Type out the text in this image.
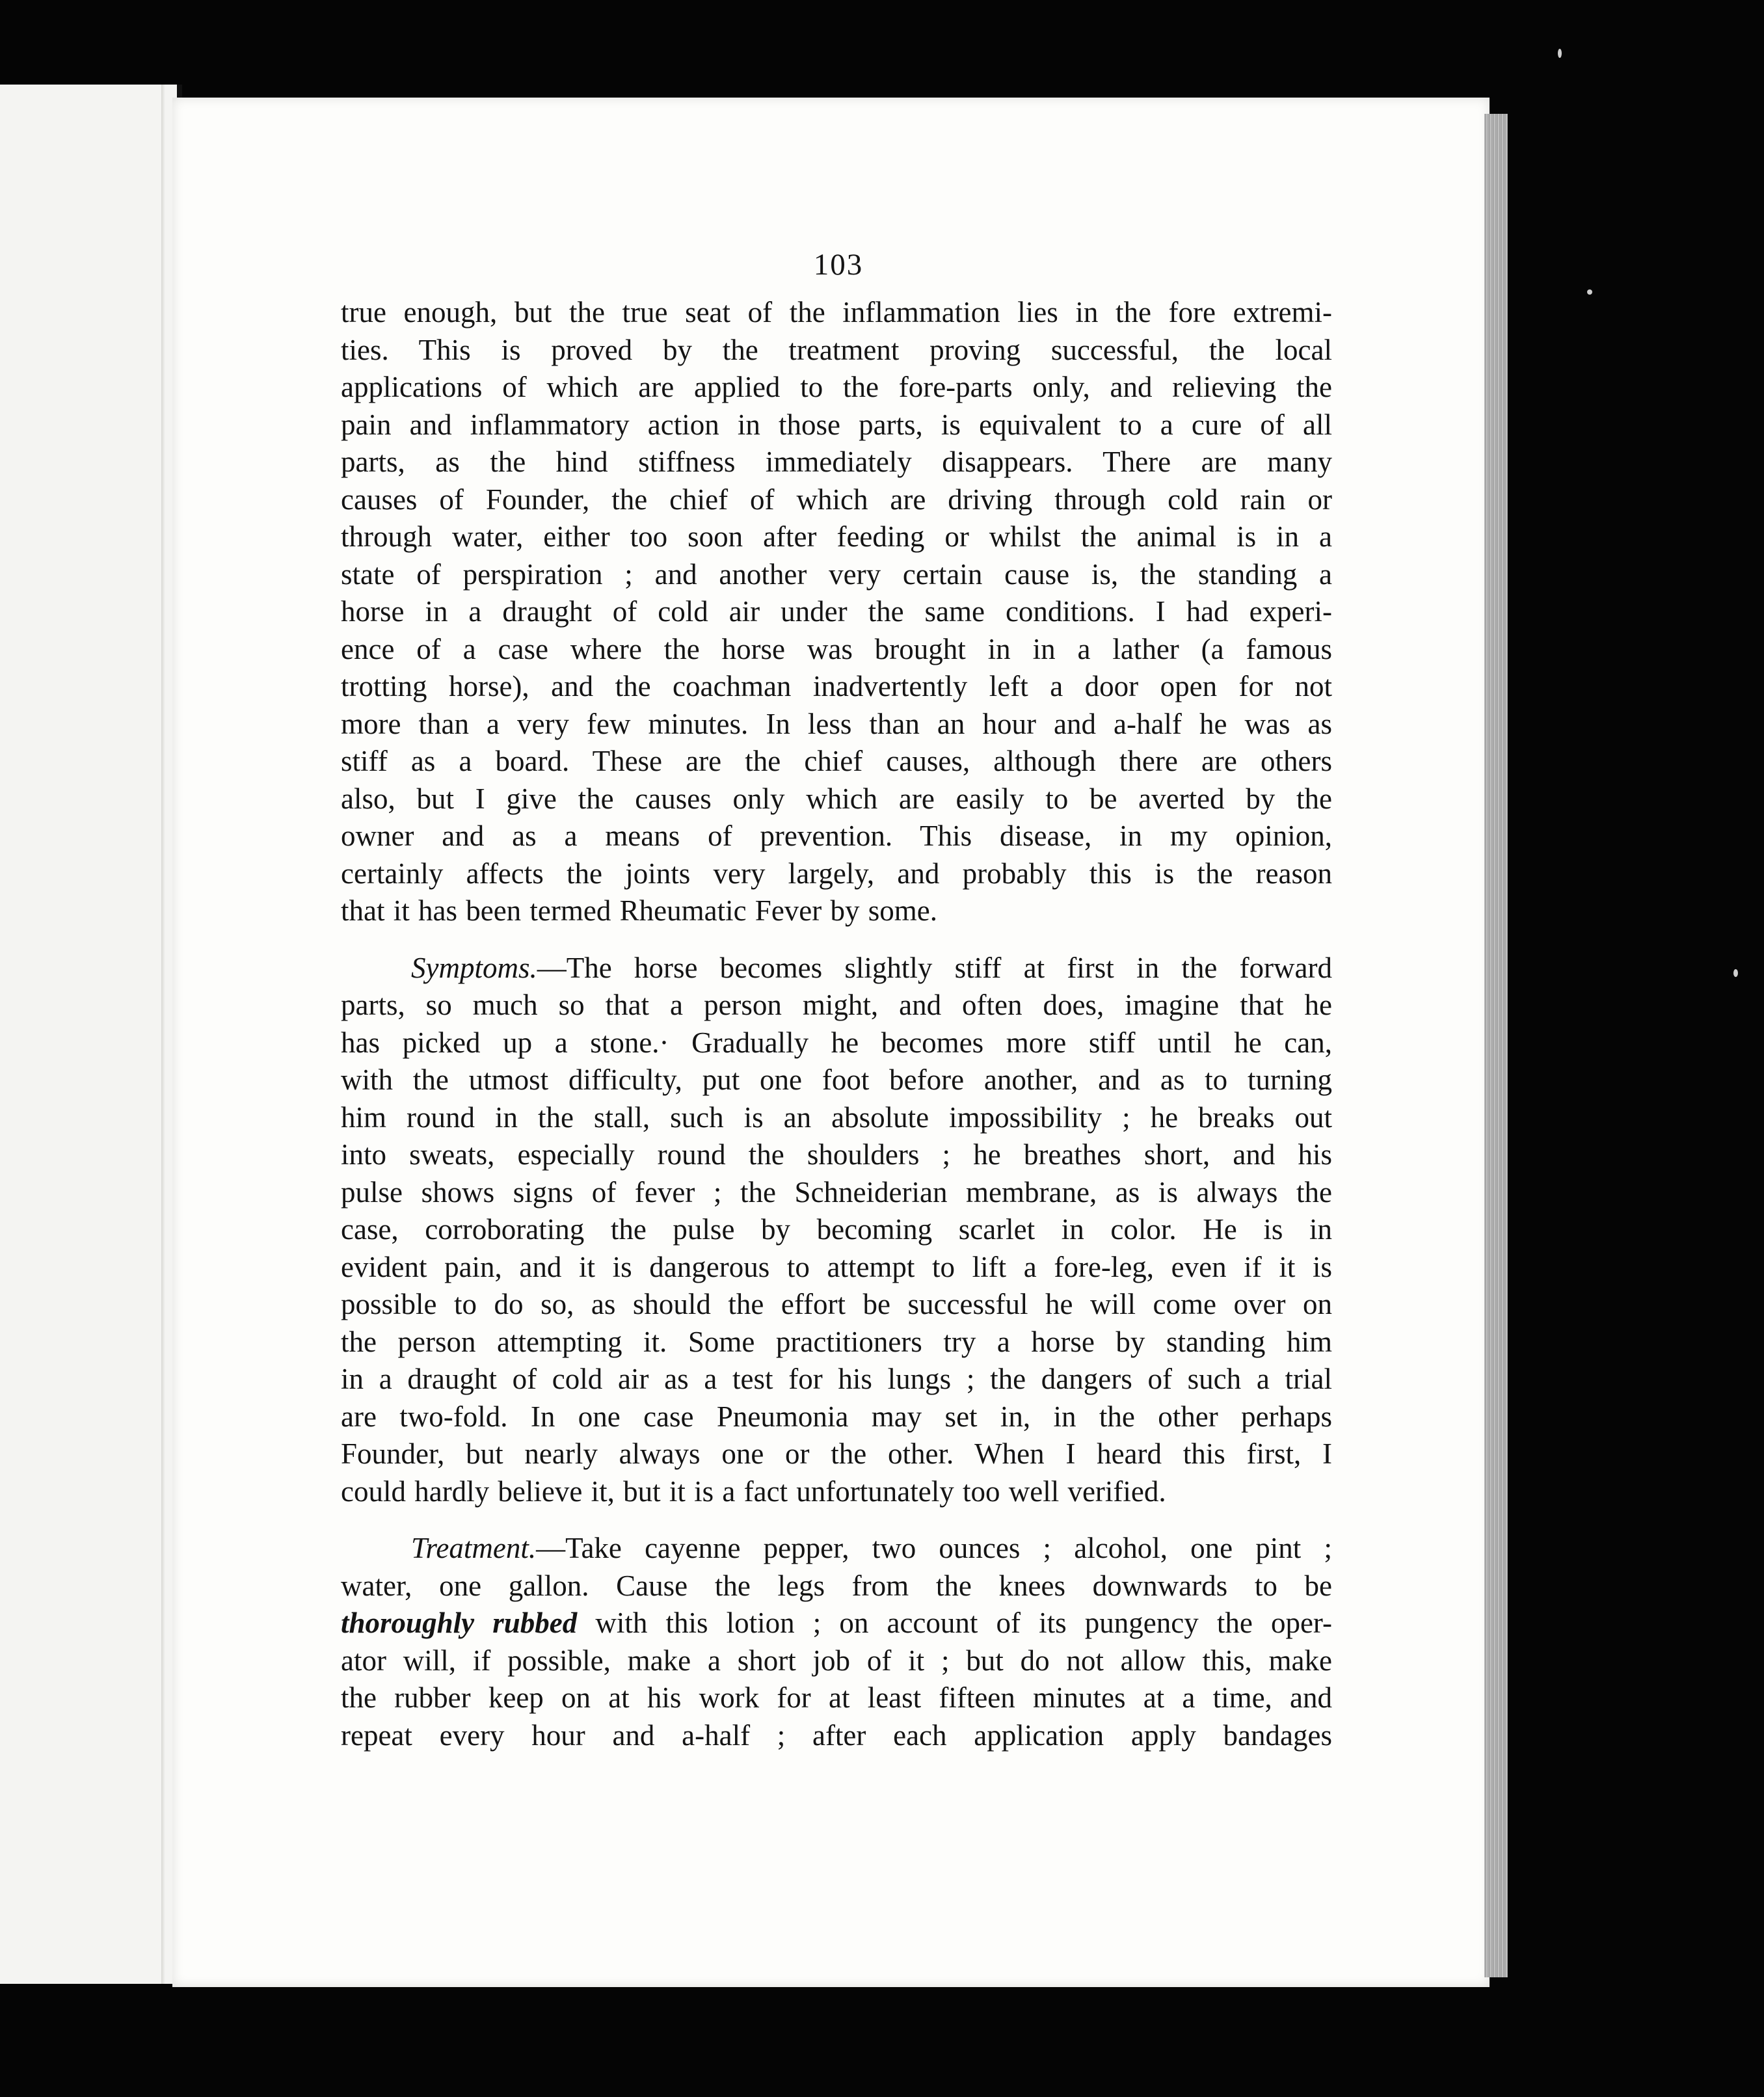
103

true enough, but the true seat of the inflammation lies in the fore extremi-
ties. This is proved by the treatment proving successful, the local
applications of which are applied to the fore-parts only, and relieving the
pain and inflammatory action in those parts, is equivalent to a cure of all
parts, as the hind stiffness immediately disappears. There are many
causes of Founder, the chief of which are driving through cold rain or
through water, either too soon after feeding or whilst the animal is in a
state of perspiration ; and another very certain cause is, the standing a
horse in a draught of cold air under the same conditions. I had experi-
ence of a case where the horse was brought in in a lather (a famous
trotting horse), and the coachman inadvertently left a door open for not
more than a very few minutes. In less than an hour and a-half he was as
stiff as a board. These are the chief causes, although there are others
also, but I give the causes only which are easily to be averted by the
owner and as a means of prevention. This disease, in my opinion,
certainly affects the joints very largely, and probably this is the reason
that it has been termed Rheumatic Fever by some.

Symptoms.—The horse becomes slightly stiff at first in the forward
parts, so much so that a person might, and often does, imagine that he
has picked up a stone.· Gradually he becomes more stiff until he can,
with the utmost difficulty, put one foot before another, and as to turning
him round in the stall, such is an absolute impossibility ; he breaks out
into sweats, especially round the shoulders ; he breathes short, and his
pulse shows signs of fever ; the Schneiderian membrane, as is always the
case, corroborating the pulse by becoming scarlet in color. He is in
evident pain, and it is dangerous to attempt to lift a fore-leg, even if it is
possible to do so, as should the effort be successful he will come over on
the person attempting it. Some practitioners try a horse by standing him
in a draught of cold air as a test for his lungs ; the dangers of such a trial
are two-fold. In one case Pneumonia may set in, in the other perhaps
Founder, but nearly always one or the other. When I heard this first, I
could hardly believe it, but it is a fact unfortunately too well verified.

Treatment.—Take cayenne pepper, two ounces ; alcohol, one pint ;
water, one gallon. Cause the legs from the knees downwards to be
thoroughly rubbed with this lotion ; on account of its pungency the oper-
ator will, if possible, make a short job of it ; but do not allow this, make
the rubber keep on at his work for at least fifteen minutes at a time, and
repeat every hour and a-half ; after each application apply bandages
